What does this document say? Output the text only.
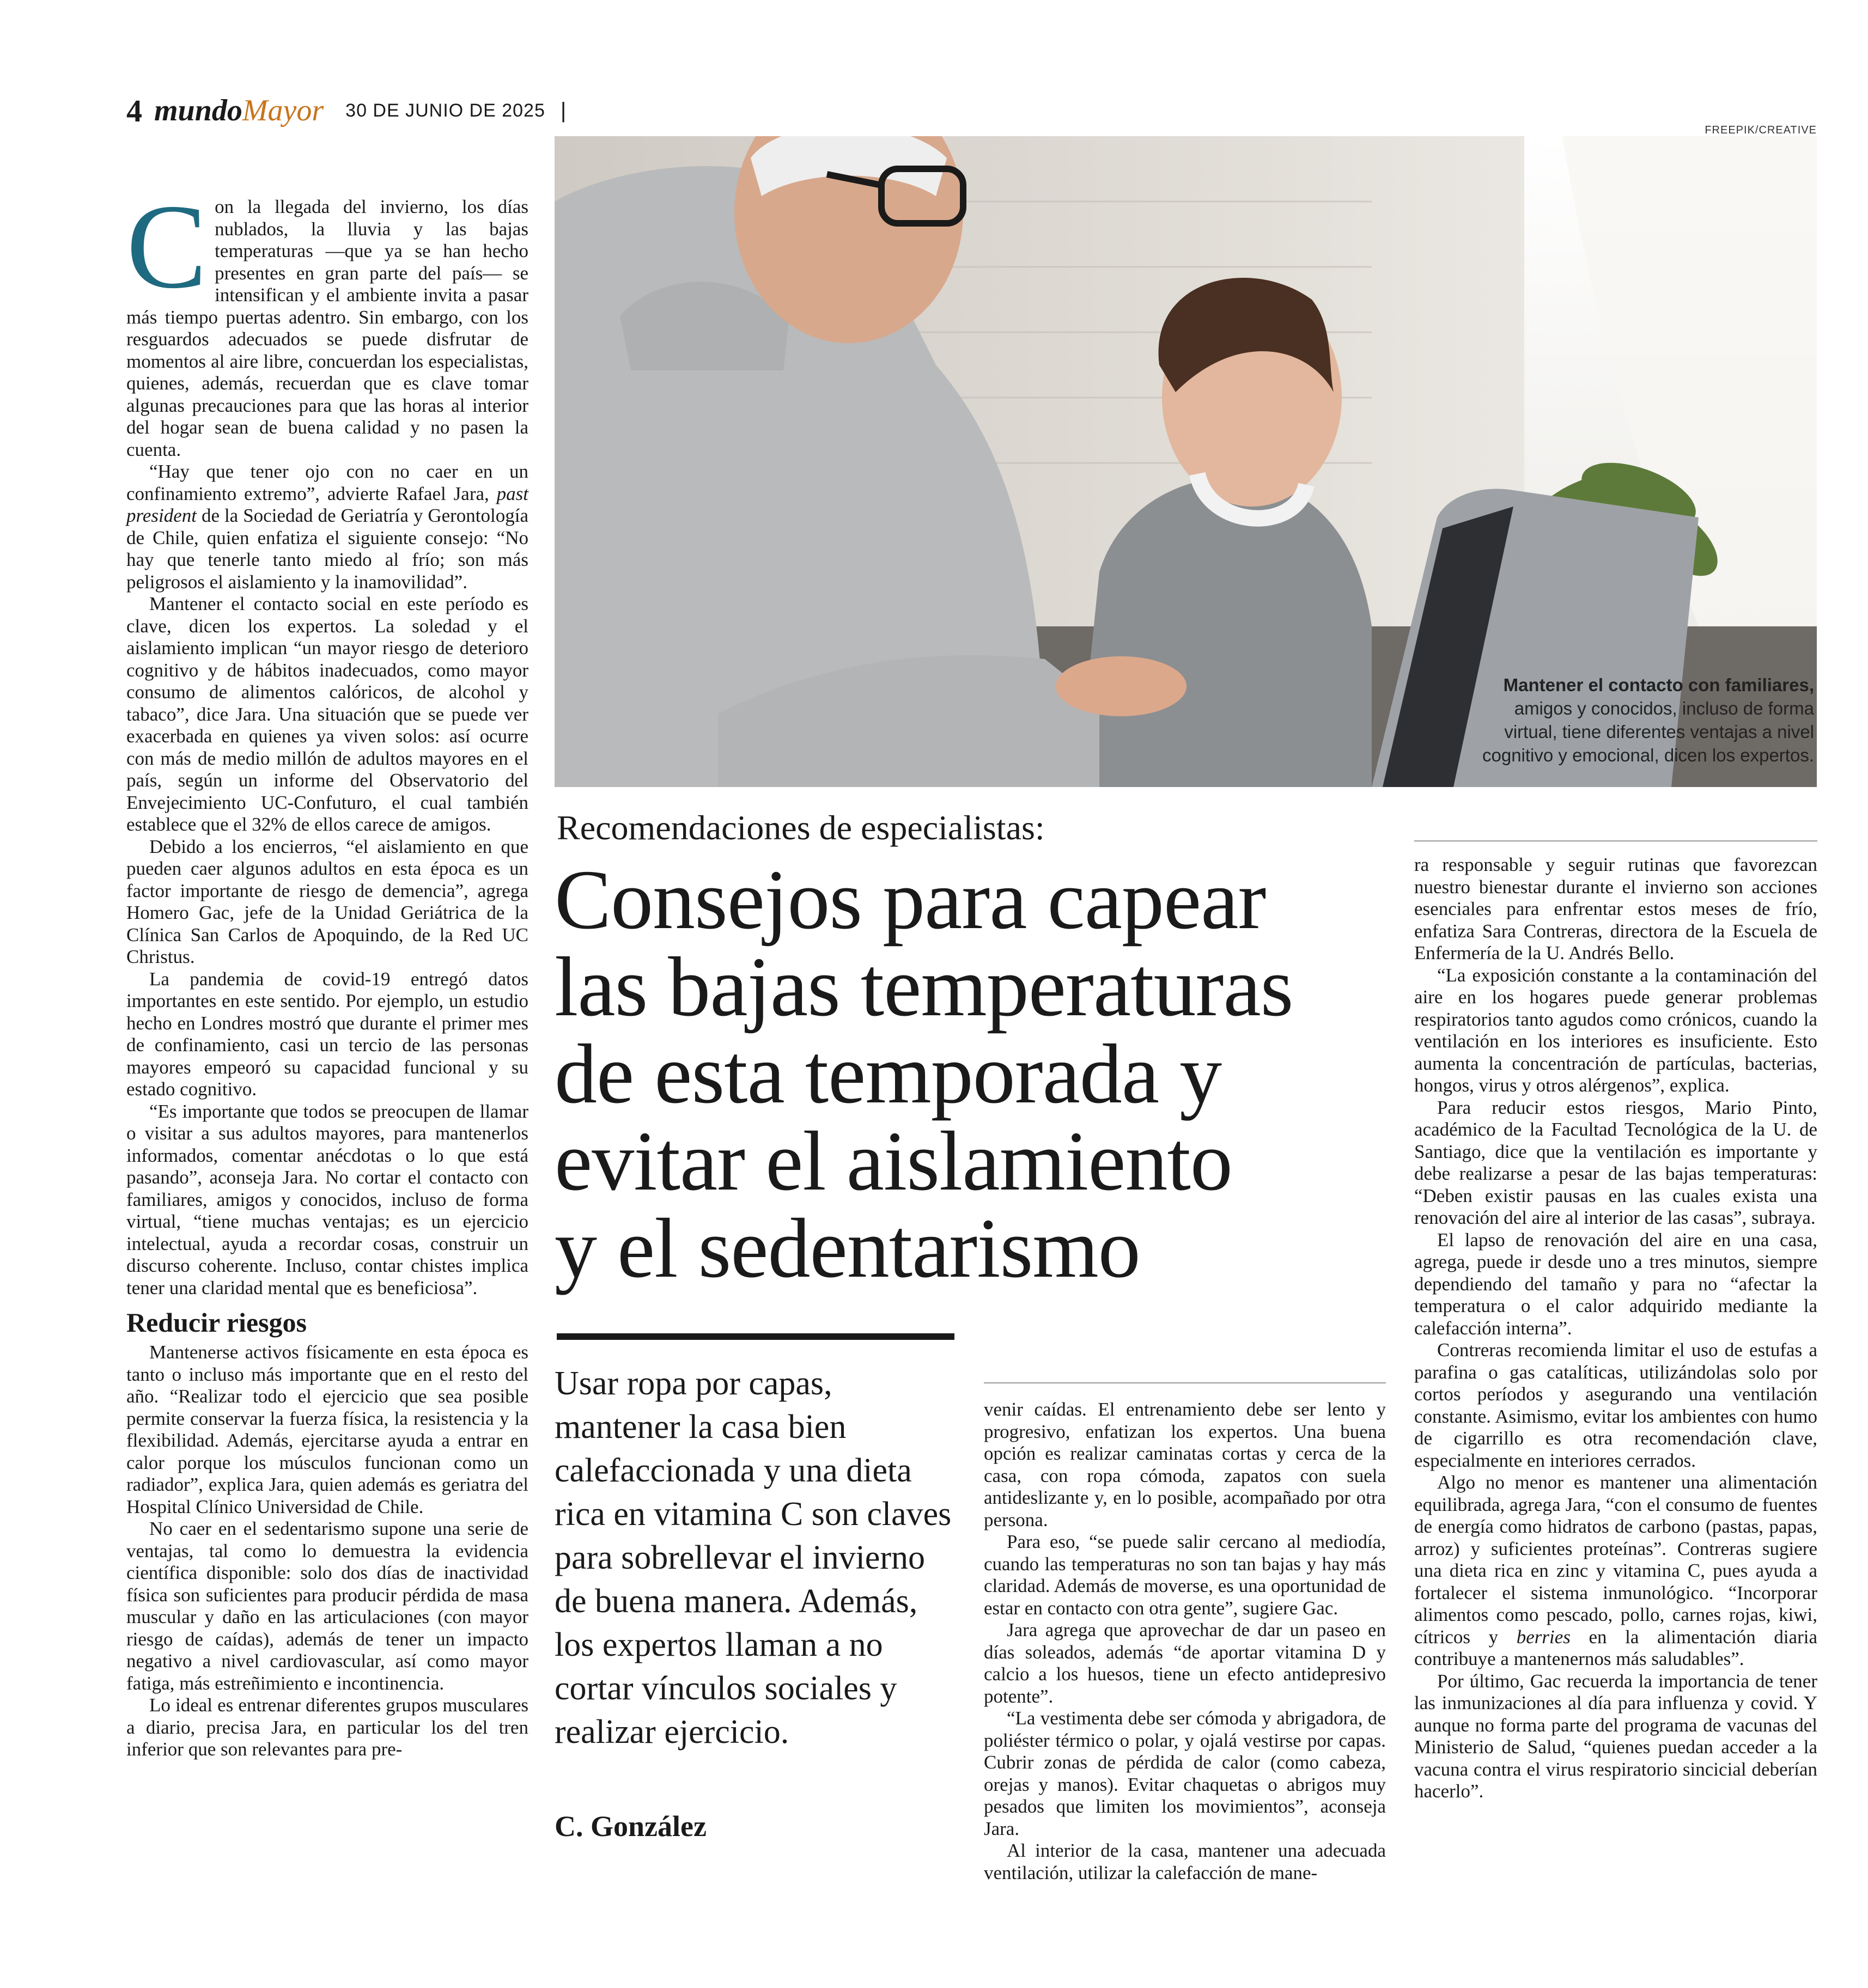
4 mundo Mayor 30 DE JUNIO DE 2025 |
FREEPIK/CREATIVE
Mantener el contacto con familiares, amigos y conocidos, incluso de forma virtual, tiene diferentes ventajas a nivel cognitivo y emocional, dicen los expertos.
C on la llegada del invierno, los días nublados, la lluvia y las bajas temperaturas —que ya se han hecho presentes en gran parte del país— se intensifican y el ambiente invita a pasar más tiempo puertas adentro. Sin embargo, con los resguardos adecuados se puede disfrutar de momentos al aire libre, concuerdan los especialistas, quienes, además, recuerdan que es clave tomar algunas precauciones para que las horas al interior del hogar sean de buena calidad y no pasen la cuenta.

“Hay que tener ojo con no caer en un confinamiento extremo”, advierte Rafael Jara, past president de la Sociedad de Geriatría y Gerontología de Chile, quien enfatiza el siguiente consejo: “No hay que tenerle tanto miedo al frío; son más peligrosos el aislamiento y la inamovilidad”.

Mantener el contacto social en este período es clave, dicen los expertos. La soledad y el aislamiento implican “un mayor riesgo de deterioro cognitivo y de hábitos inadecuados, como mayor consumo de alimentos calóricos, de alcohol y tabaco”, dice Jara. Una situación que se puede ver exacerbada en quienes ya viven solos: así ocurre con más de medio millón de adultos mayores en el país, según un informe del Observatorio del Envejecimiento UC-Confuturo, el cual también establece que el 32% de ellos carece de amigos.

Debido a los encierros, “el aislamiento en que pueden caer algunos adultos en esta época es un factor importante de riesgo de demencia”, agrega Homero Gac, jefe de la Unidad Geriátrica de la Clínica San Carlos de Apoquindo, de la Red UC Christus.

La pandemia de covid-19 entregó datos importantes en este sentido. Por ejemplo, un estudio hecho en Londres mostró que durante el primer mes de confinamiento, casi un tercio de las personas mayores empeoró su capacidad funcional y su estado cognitivo.

“Es importante que todos se preocupen de llamar o visitar a sus adultos mayores, para mantenerlos informados, comentar anécdotas o lo que está pasando”, aconseja Jara. No cortar el contacto con familiares, amigos y conocidos, incluso de forma virtual, “tiene muchas ventajas; es un ejercicio intelectual, ayuda a recordar cosas, construir un discurso coherente. Incluso, contar chistes implica tener una claridad mental que es beneficiosa”.

Reducir riesgos

Mantenerse activos físicamente en esta época es tanto o incluso más importante que en el resto del año. “Realizar todo el ejercicio que sea posible permite conservar la fuerza física, la resistencia y la flexibilidad. Además, ejercitarse ayuda a entrar en calor porque los músculos funcionan como un radiador”, explica Jara, quien además es geriatra del Hospital Clínico Universidad de Chile.

No caer en el sedentarismo supone una serie de ventajas, tal como lo demuestra la evidencia científica disponible: solo dos días de inactividad física son suficientes para producir pérdida de masa muscular y daño en las articulaciones (con mayor riesgo de caídas), además de tener un impacto negativo a nivel cardiovascular, así como mayor fatiga, más estreñimiento e incontinencia.

Lo ideal es entrenar diferentes grupos musculares a diario, precisa Jara, en particular los del tren inferior que son relevantes para pre-

Recomendaciones de especialistas:
Consejos para capear
las bajas temperaturas
de esta temporada y
evitar el aislamiento
y el sedentarismo
Usar ropa por capas, mantener la casa bien calefaccionada y una dieta rica en vitamina C son claves para sobrellevar el invierno de buena manera. Además, los expertos llaman a no cortar vínculos sociales y realizar ejercicio.
C. González

venir caídas. El entrenamiento debe ser lento y progresivo, enfatizan los expertos. Una buena opción es realizar caminatas cortas y cerca de la casa, con ropa cómoda, zapatos con suela antideslizante y, en lo posible, acompañado por otra persona.

Para eso, “se puede salir cercano al mediodía, cuando las temperaturas no son tan bajas y hay más claridad. Además de moverse, es una oportunidad de estar en contacto con otra gente”, sugiere Gac.

Jara agrega que aprovechar de dar un paseo en días soleados, además “de aportar vitamina D y calcio a los huesos, tiene un efecto antidepresivo potente”.

“La vestimenta debe ser cómoda y abrigadora, de poliéster térmico o polar, y ojalá vestirse por capas. Cubrir zonas de pérdida de calor (como cabeza, orejas y manos). Evitar chaquetas o abrigos muy pesados que limiten los movimientos”, aconseja Jara.

Al interior de la casa, mantener una adecuada ventilación, utilizar la calefacción de mane-

ra responsable y seguir rutinas que favorezcan nuestro bienestar durante el invierno son acciones esenciales para enfrentar estos meses de frío, enfatiza Sara Contreras, directora de la Escuela de Enfermería de la U. Andrés Bello.

“La exposición constante a la contaminación del aire en los hogares puede generar problemas respiratorios tanto agudos como crónicos, cuando la ventilación en los interiores es insuficiente. Esto aumenta la concentración de partículas, bacterias, hongos, virus y otros alérgenos”, explica.

Para reducir estos riesgos, Mario Pinto, académico de la Facultad Tecnológica de la U. de Santiago, dice que la ventilación es importante y debe realizarse a pesar de las bajas temperaturas: “Deben existir pausas en las cuales exista una renovación del aire al interior de las casas”, subraya.

El lapso de renovación del aire en una casa, agrega, puede ir desde uno a tres minutos, siempre dependiendo del tamaño y para no “afectar la temperatura o el calor adquirido mediante la calefacción interna”.

Contreras recomienda limitar el uso de estufas a parafina o gas catalíticas, utilizándolas solo por cortos períodos y asegurando una ventilación constante. Asimismo, evitar los ambientes con humo de cigarrillo es otra recomendación clave, especialmente en interiores cerrados.

Algo no menor es mantener una alimentación equilibrada, agrega Jara, “con el consumo de fuentes de energía como hidratos de carbono (pastas, papas, arroz) y suficientes proteínas”. Contreras sugiere una dieta rica en zinc y vitamina C, pues ayuda a fortalecer el sistema inmunológico. “Incorporar alimentos como pescado, pollo, carnes rojas, kiwi, cítricos y berries en la alimentación diaria contribuye a mantenernos más saludables”.

Por último, Gac recuerda la importancia de tener las inmunizaciones al día para influenza y covid. Y aunque no forma parte del programa de vacunas del Ministerio de Salud, “quienes puedan acceder a la vacuna contra el virus respiratorio sincicial deberían hacerlo”.
